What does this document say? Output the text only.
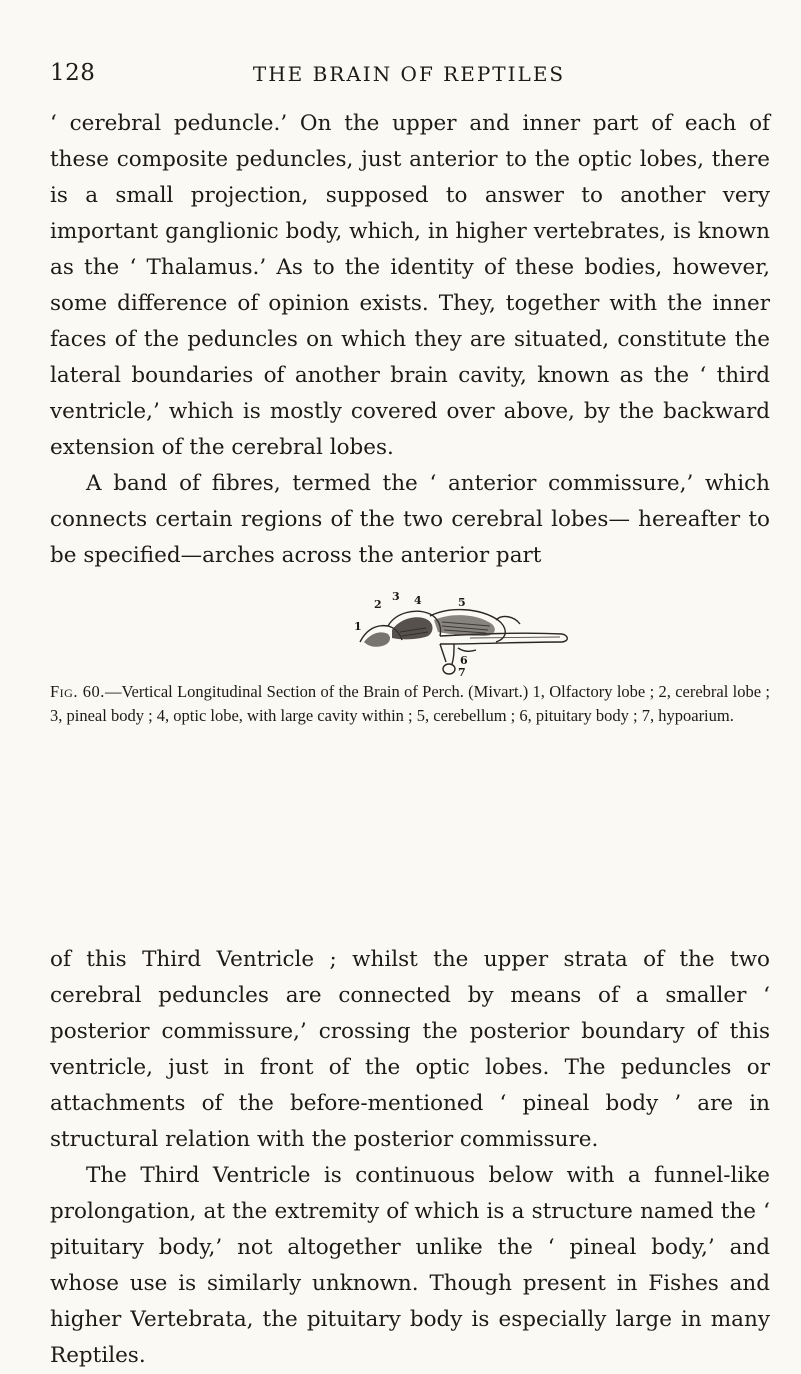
128	THE BRAIN OF REPTILES

‘ cerebral peduncle.’ On the upper and inner part of each of these composite peduncles, just anterior to the optic lobes, there is a small projection, supposed to answer to another very important ganglionic body, which, in higher vertebrates, is known as the ‘ Thalamus.’ As to the identity of these bodies, however, some difference of opinion exists. They, together with the inner faces of the peduncles on which they are situated, constitute the lateral boundaries of another brain cavity, known as the ‘ third ventricle,’ which is mostly covered over above, by the backward extension of the cerebral lobes.

A band of fibres, termed the ‘ anterior commissure,’ which connects certain regions of the two cerebral lobes— hereafter to be specified—arches across the anterior part

2
3 4	5
1
6
7
Fig. 60.—Vertical Longitudinal Section of the Brain of Perch. (Mivart.) 1, Olfactory lobe ; 2, cerebral lobe ; 3, pineal body ; 4, optic lobe, with large cavity within ; 5, cerebellum ; 6, pituitary body ; 7, hypoarium.

of this Third Ventricle ; whilst the upper strata of the two cerebral peduncles are connected by means of a smaller ‘ posterior commissure,’ crossing the posterior boundary of this ventricle, just in front of the optic lobes. The peduncles or attachments of the before-mentioned ‘ pineal body ’ are in structural relation with the posterior commissure.

The Third Ventricle is continuous below with a funnel-like prolongation, at the extremity of which is a structure named the ‘ pituitary body,’ not altogether unlike the ‘ pineal body,’ and whose use is similarly unknown. Though present in Fishes and higher Vertebrata, the pituitary body is especially large in many Reptiles.
